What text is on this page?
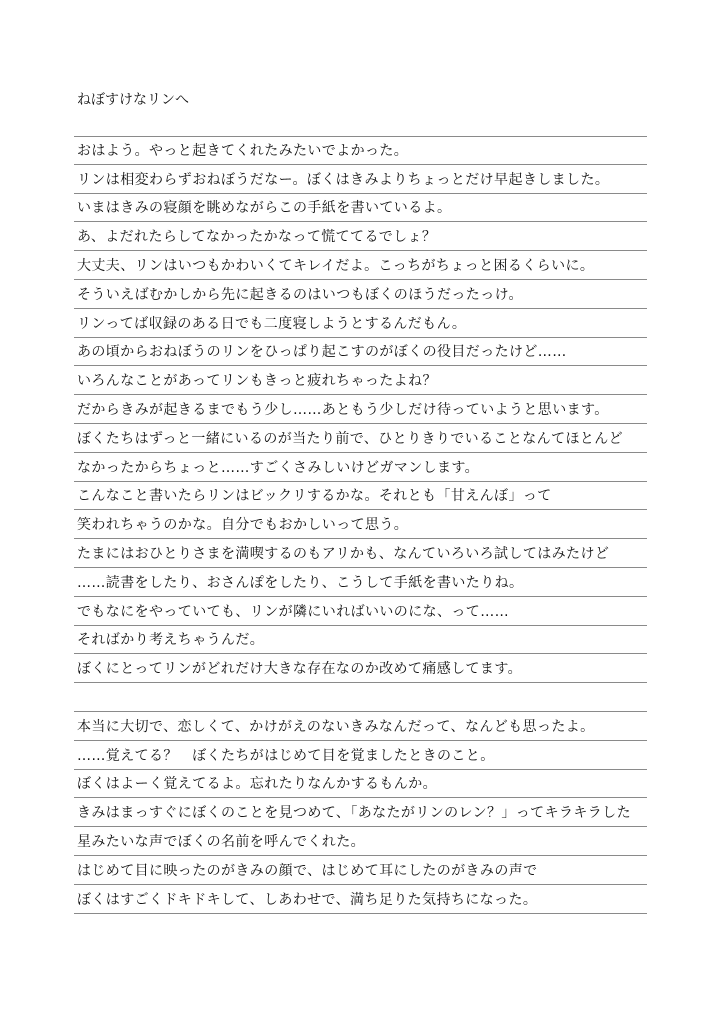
ねぼすけなリンへ
おはよう。やっと起きてくれたみたいでよかった。
リンは相変わらずおねぼうだなー。ぼくはきみよりちょっとだけ早起きしました。
いまはきみの寝顔を眺めながらこの手紙を書いているよ。
あ、よだれたらしてなかったかなって慌ててるでしょ？
大丈夫、リンはいつもかわいくてキレイだよ。こっちがちょっと困るくらいに。
そういえばむかしから先に起きるのはいつもぼくのほうだったっけ。
リンってば収録のある日でも二度寝しようとするんだもん。
あの頃からおねぼうのリンをひっぱり起こすのがぼくの役目だったけど……
いろんなことがあってリンもきっと疲れちゃったよね？
だからきみが起きるまでもう少し……あともう少しだけ待っていようと思います。
ぼくたちはずっと一緒にいるのが当たり前で、ひとりきりでいることなんてほとんど
なかったからちょっと……すごくさみしいけどガマンします。
こんなこと書いたらリンはビックリするかな。それとも「甘えんぼ」って
笑われちゃうのかな。自分でもおかしいって思う。
たまにはおひとりさまを満喫するのもアリかも、なんていろいろ試してはみたけど
……読書をしたり、おさんぽをしたり、こうして手紙を書いたりね。
でもなにをやっていても、リンが隣にいればいいのにな、って……
そればかり考えちゃうんだ。
ぼくにとってリンがどれだけ大きな存在なのか改めて痛感してます。
本当に大切で、恋しくて、かけがえのないきみなんだって、なんども思ったよ。
……覚えてる？　ぼくたちがはじめて目を覚ましたときのこと。
ぼくはよーく覚えてるよ。忘れたりなんかするもんか。
きみはまっすぐにぼくのことを見つめて、「あなたがリンのレン？」ってキラキラした
星みたいな声でぼくの名前を呼んでくれた。
はじめて目に映ったのがきみの顔で、はじめて耳にしたのがきみの声で
ぼくはすごくドキドキして、しあわせで、満ち足りた気持ちになった。
